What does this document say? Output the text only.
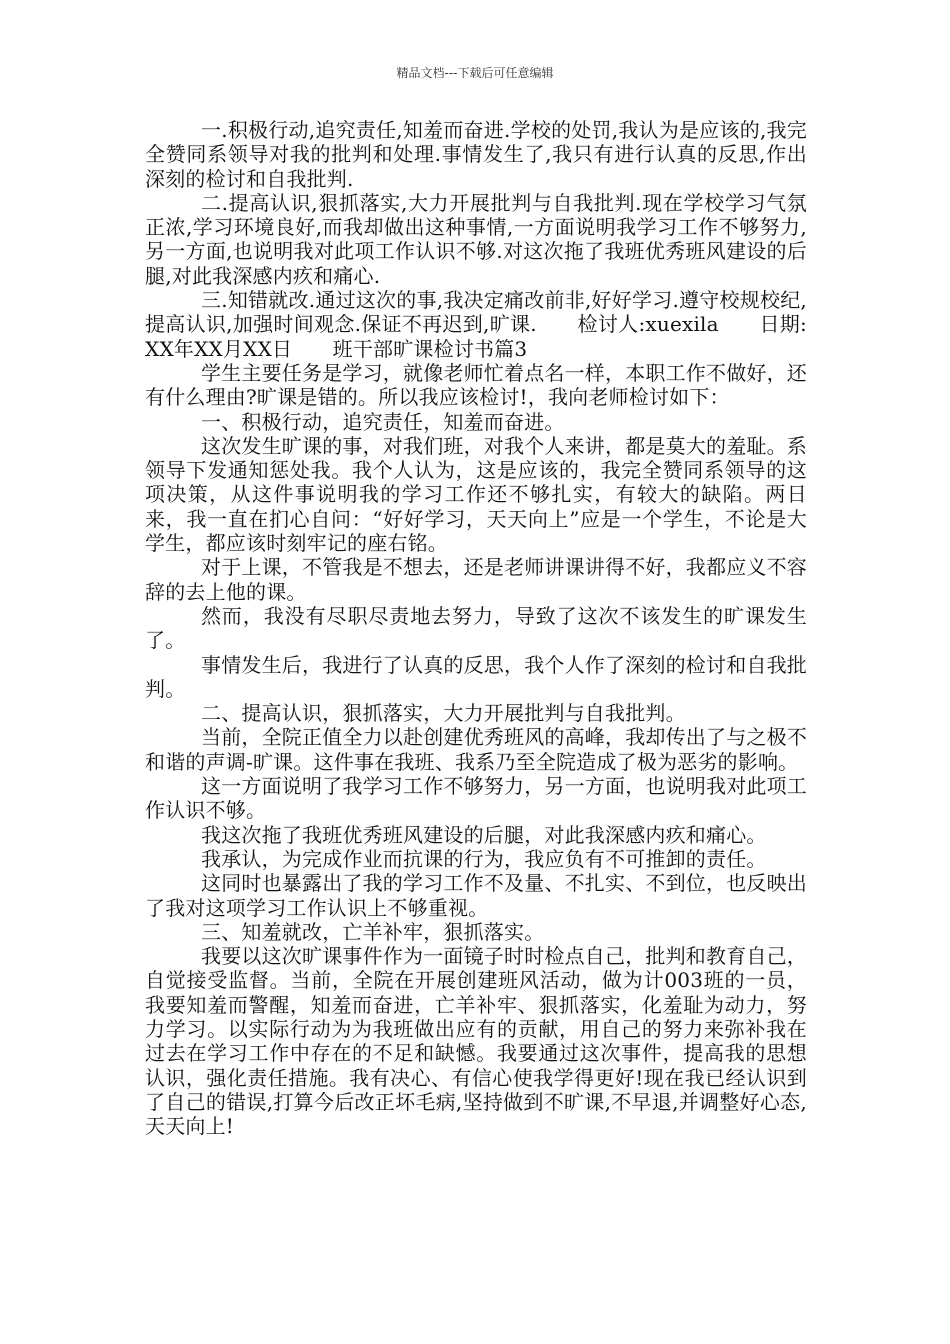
精品文档---下载后可任意编辑

一.积极行动,追究责任,知羞而奋进.学校的处罚,我认为是应该的,我完全赞同系领导对我的批判和处理.事情发生了,我只有进行认真的反思,作出深刻的检讨和自我批判.

二.提高认识,狠抓落实,大力开展批判与自我批判.现在学校学习气氛正浓,学习环境良好,而我却做出这种事情,一方面说明我学习工作不够努力,另一方面,也说明我对此项工作认识不够.对这次拖了我班优秀班风建设的后腿,对此我深感内疚和痛心.

三.知错就改.通过这次的事,我决定痛改前非,好好学习.遵守校规校纪,提高认识,加强时间观念.保证不再迟到,旷课.　　检讨人:xuexila　　日期:XX年XX月XX日　　班干部旷课检讨书篇3

学生主要任务是学习，就像老师忙着点名一样，本职工作不做好，还有什么理由?旷课是错的。所以我应该检讨!，我向老师检讨如下：

一、积极行动，追究责任，知羞而奋进。

这次发生旷课的事，对我们班，对我个人来讲，都是莫大的羞耻。系领导下发通知惩处我。我个人认为，这是应该的，我完全赞同系领导的这项决策，从这件事说明我的学习工作还不够扎实，有较大的缺陷。两日来，我一直在扪心自问：“好好学习，天天向上”应是一个学生，不论是大学生，都应该时刻牢记的座右铭。

对于上课，不管我是不想去，还是老师讲课讲得不好，我都应义不容辞的去上他的课。

然而，我没有尽职尽责地去努力，导致了这次不该发生的旷课发生了。

事情发生后，我进行了认真的反思，我个人作了深刻的检讨和自我批判。

二、提高认识，狠抓落实，大力开展批判与自我批判。

当前，全院正值全力以赴创建优秀班风的高峰，我却传出了与之极不和谐的声调-旷课。这件事在我班、我系乃至全院造成了极为恶劣的影响。

这一方面说明了我学习工作不够努力，另一方面，也说明我对此项工作认识不够。

我这次拖了我班优秀班风建设的后腿，对此我深感内疚和痛心。

我承认，为完成作业而抗课的行为，我应负有不可推卸的责任。

这同时也暴露出了我的学习工作不及量、不扎实、不到位，也反映出了我对这项学习工作认识上不够重视。

三、知羞就改，亡羊补牢，狠抓落实。

我要以这次旷课事件作为一面镜子时时检点自己，批判和教育自己，自觉接受监督。当前，全院在开展创建班风活动，做为计003班的一员，我要知羞而警醒，知羞而奋进，亡羊补牢、狠抓落实，化羞耻为动力，努力学习。以实际行动为为我班做出应有的贡献，用自己的努力来弥补我在过去在学习工作中存在的不足和缺憾。我要通过这次事件，提高我的思想认识，强化责任措施。我有决心、有信心使我学得更好!现在我已经认识到了自己的错误,打算今后改正坏毛病,坚持做到不旷课,不早退,并调整好心态,天天向上!
